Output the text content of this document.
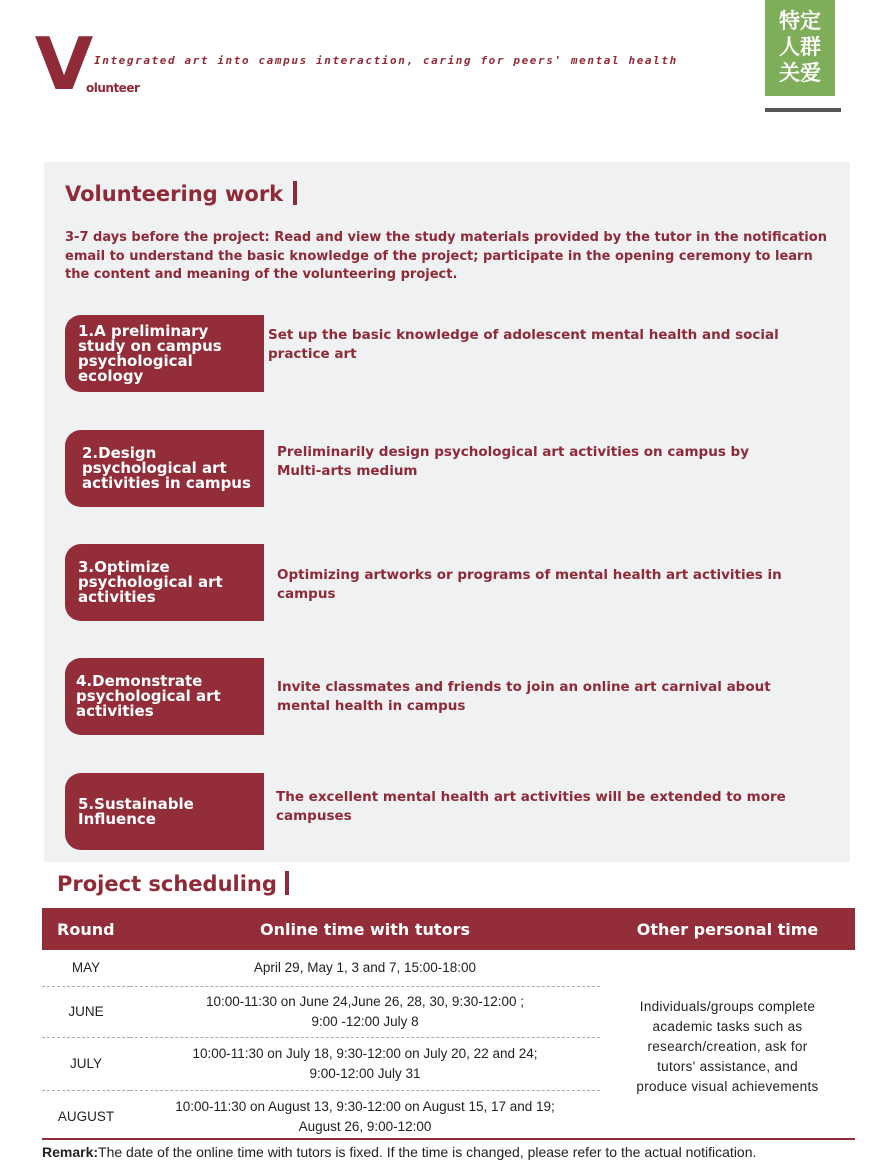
V Integrated art into campus interaction, caring for peers' mental health
olunteer
特定
人群
关爱
Volunteering work
3-7 days before the project: Read and view the study materials provided by the tutor in the notification email to understand the basic knowledge of the project; participate in the opening ceremony to learn the content and meaning of the volunteering project.
1.A preliminary study on campus psychological ecology
Set up the basic knowledge of adolescent mental health and social practice art
2.Design psychological art activities in campus
Preliminarily design psychological art activities on campus by Multi-arts medium
3.Optimize psychological art activities
Optimizing artworks or programs of mental health art activities in campus
4.Demonstrate psychological art activities
Invite classmates and friends to join an online art carnival about mental health in campus
5.Sustainable Influence
The excellent mental health art activities will be extended to more campuses
Project scheduling
Round	Online time with tutors	Other personal time
MAY	April 29, May 1, 3 and 7, 15:00-18:00	Individuals/groups complete
academic tasks such as
research/creation, ask for
tutors' assistance, and
produce visual achievements

JUNE	10:00-11:30 on June 24,June 26, 28, 30, 9:30-12:00 ;
9:00 -12:00 July 8	

JULY	10:00-11:30 on July 18, 9:30-12:00 on July 20, 22 and 24;
9:00-12:00 July 31	

AUGUST	10:00-11:30 on August 13, 9:30-12:00 on August 15, 17 and 19;
August 26, 9:00-12:00	
Remark:The date of the online time with tutors is fixed. If the time is changed, please refer to the actual notification.
